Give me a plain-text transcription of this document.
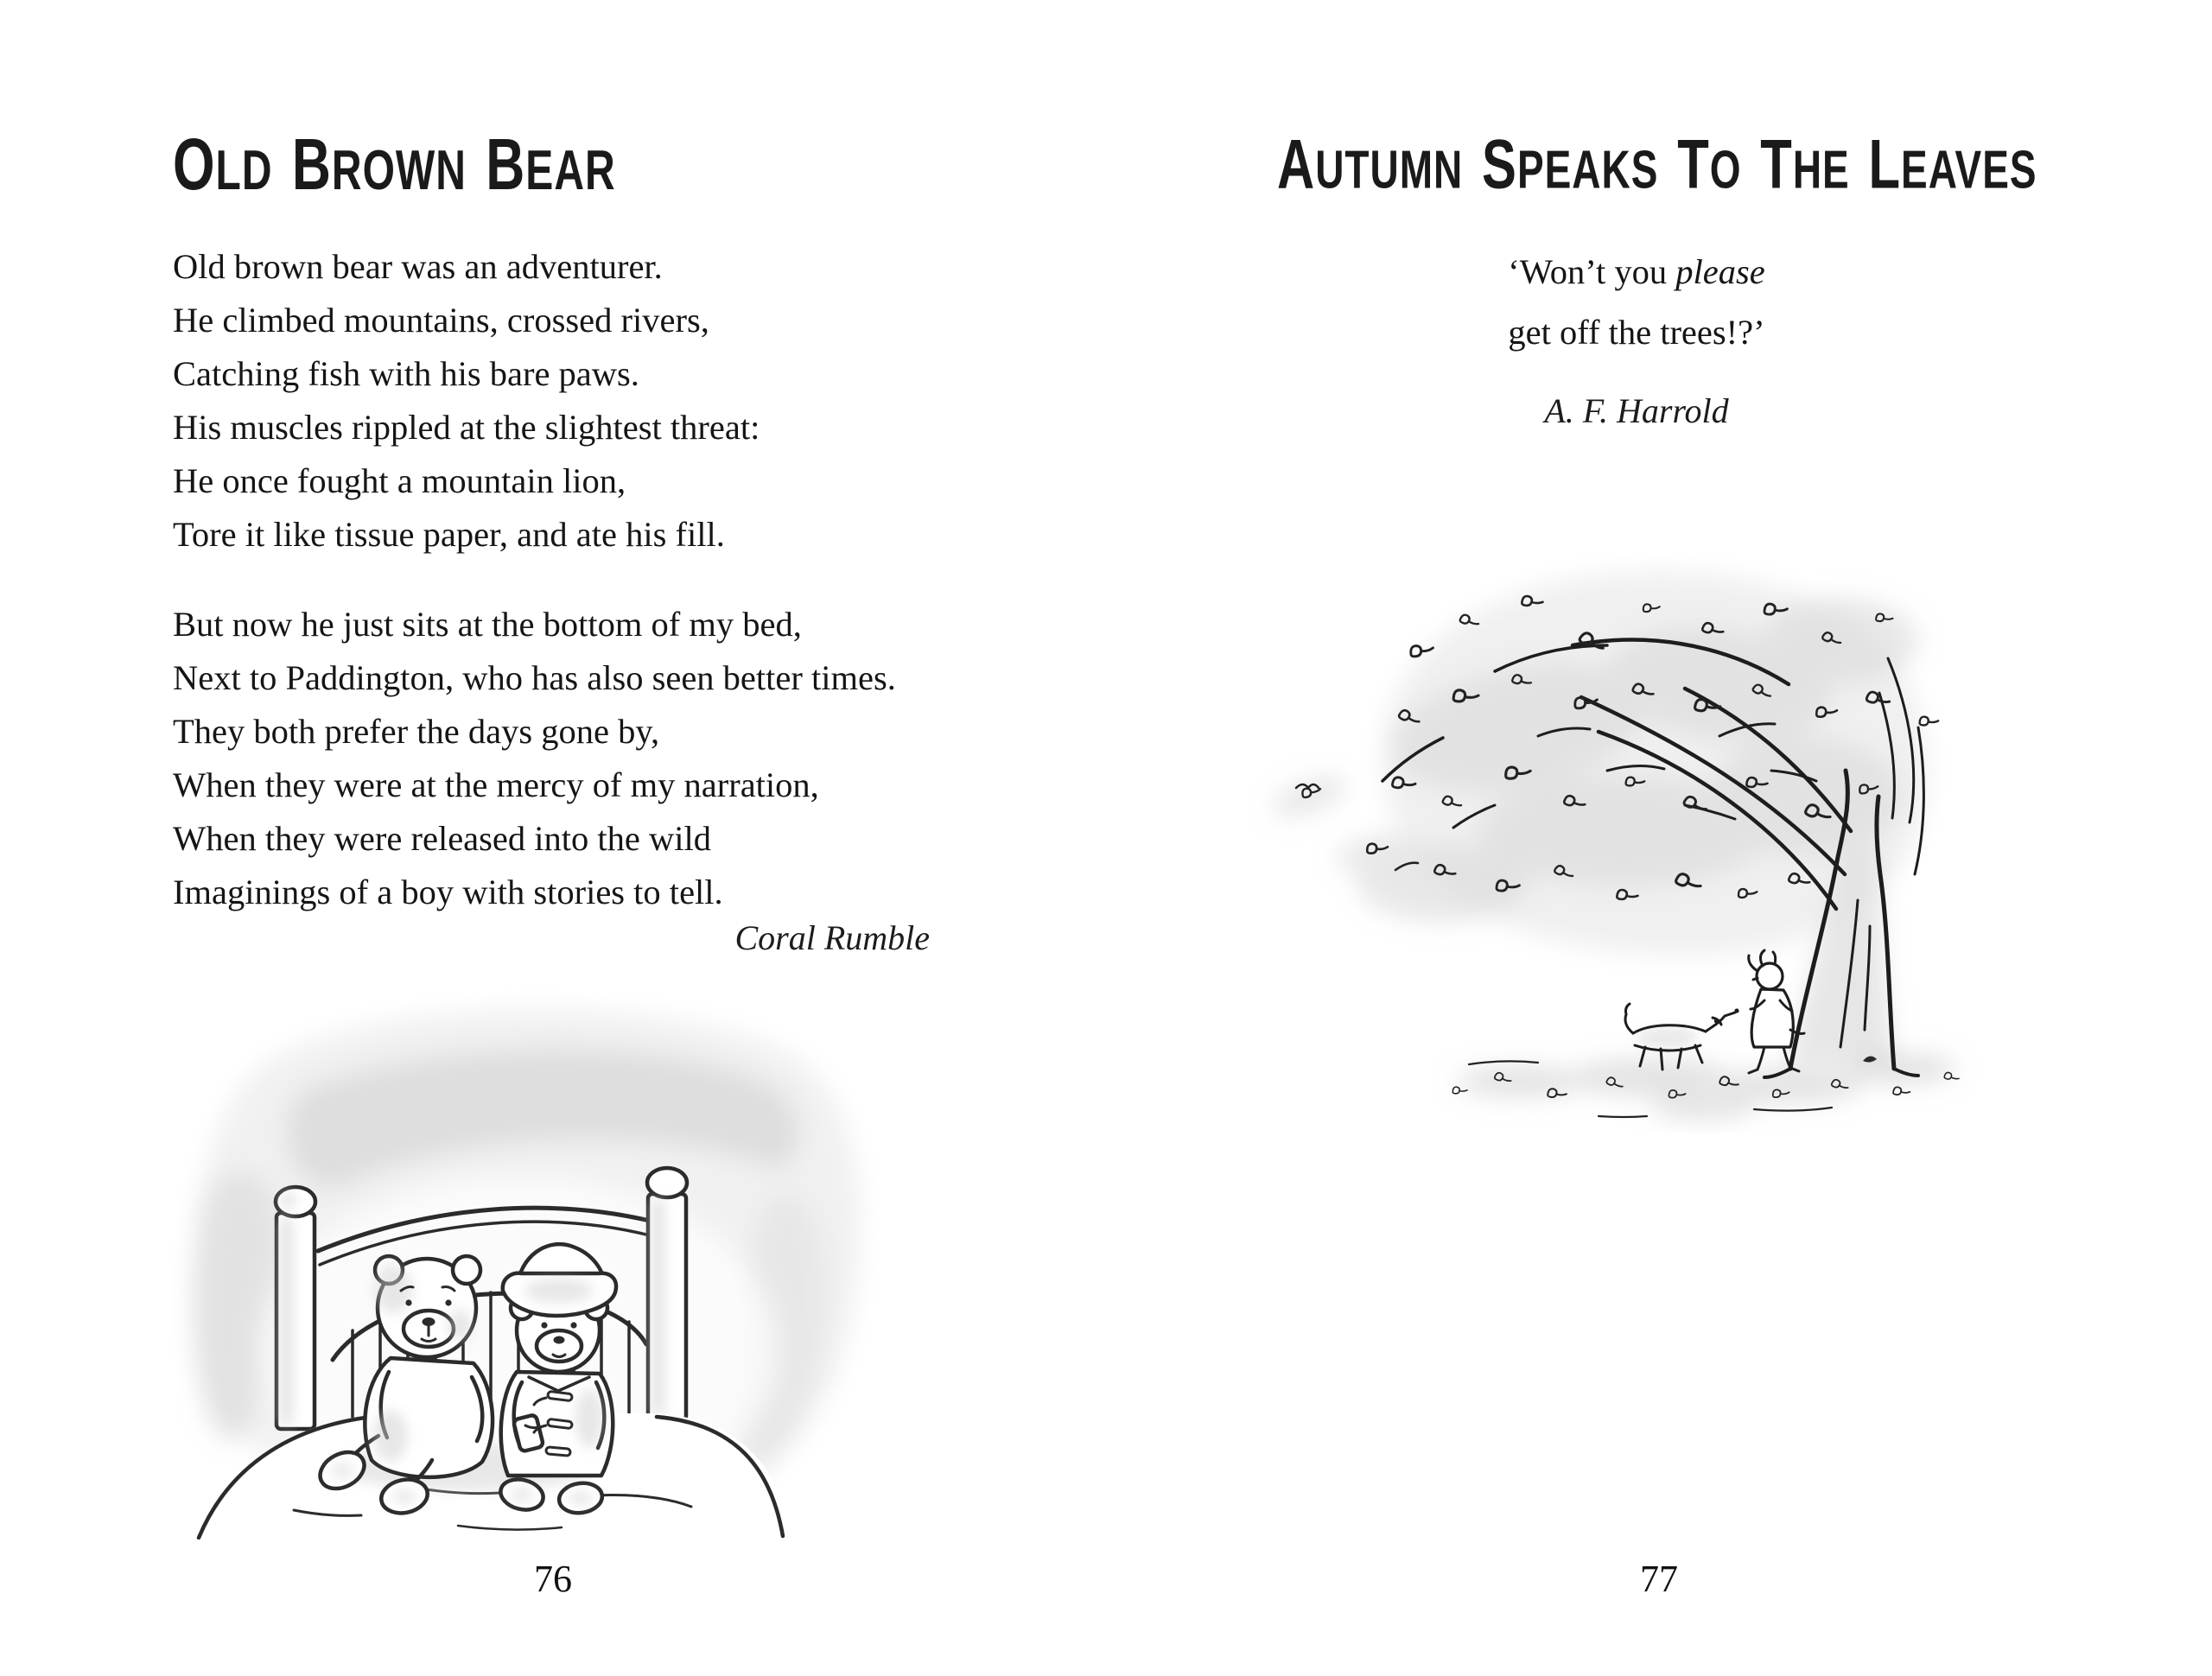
OLD BROWN BEAR

Old brown bear was an adventurer.
He climbed mountains, crossed rivers,
Catching fish with his bare paws.
His muscles rippled at the slightest threat:
He once fought a mountain lion,
Tore it like tissue paper, and ate his fill.

But now he just sits at the bottom of my bed,
Next to Paddington, who has also seen better times.
They both prefer the days gone by,
When they were at the mercy of my narration,
When they were released into the wild
Imaginings of a boy with stories to tell.

Coral Rumble

76
AUTUMN SPEAKS TO THE LEAVES

‘Won’t you please
get off the trees!?’

A. F. Harrold

77
